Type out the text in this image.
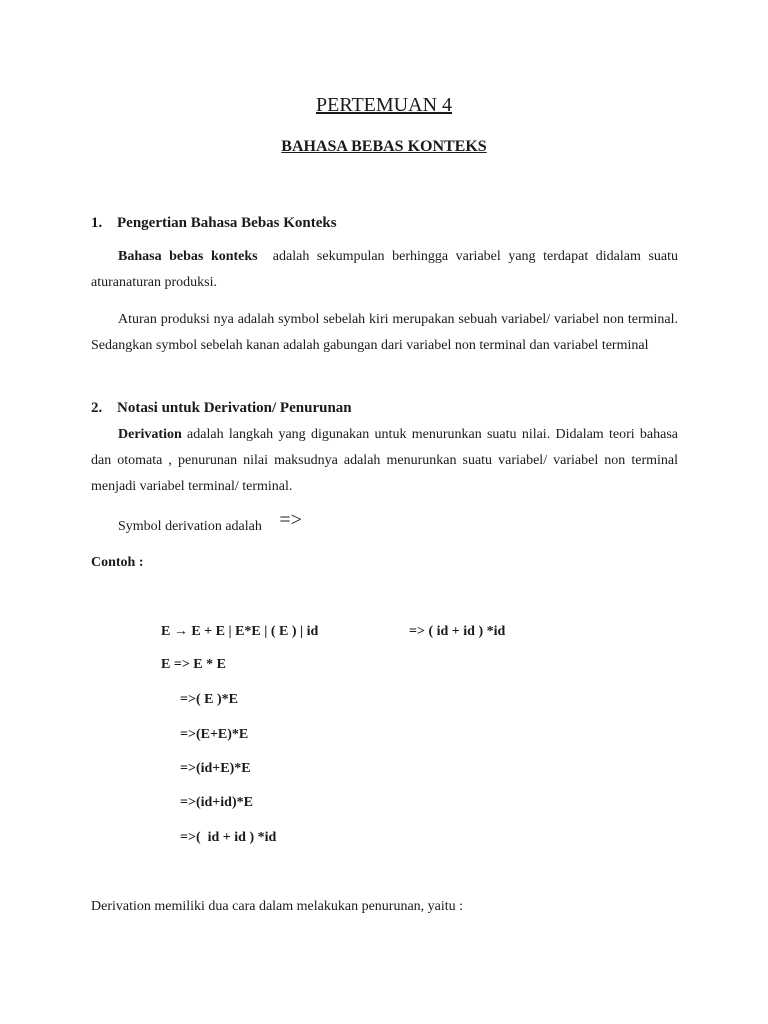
PERTEMUAN 4
BAHASA BEBAS KONTEKS
1. Pengertian Bahasa Bebas Konteks
Bahasa bebas konteks adalah sekumpulan berhingga variabel yang terdapat didalam suatu aturanaturan produksi.
Aturan produksi nya adalah symbol sebelah kiri merupakan sebuah variabel/ variabel non terminal. Sedangkan symbol sebelah kanan adalah gabungan dari variabel non terminal dan variabel terminal
2. Notasi untuk Derivation/ Penurunan
Derivation adalah langkah yang digunakan untuk menurunkan suatu nilai. Didalam teori bahasa dan otomata , penurunan nilai maksudnya adalah menurunkan suatu variabel/ variabel non terminal menjadi variabel terminal/ terminal.
Symbol derivation adalah =>
Contoh :
E → E + E | E*E | ( E ) | id	=> ( id + id ) *id
E => E * E
=>( E )*E
=>(E+E)*E
=>(id+E)*E
=>(id+id)*E
=>(  id + id ) *id
Derivation memiliki dua cara dalam melakukan penurunan, yaitu :
